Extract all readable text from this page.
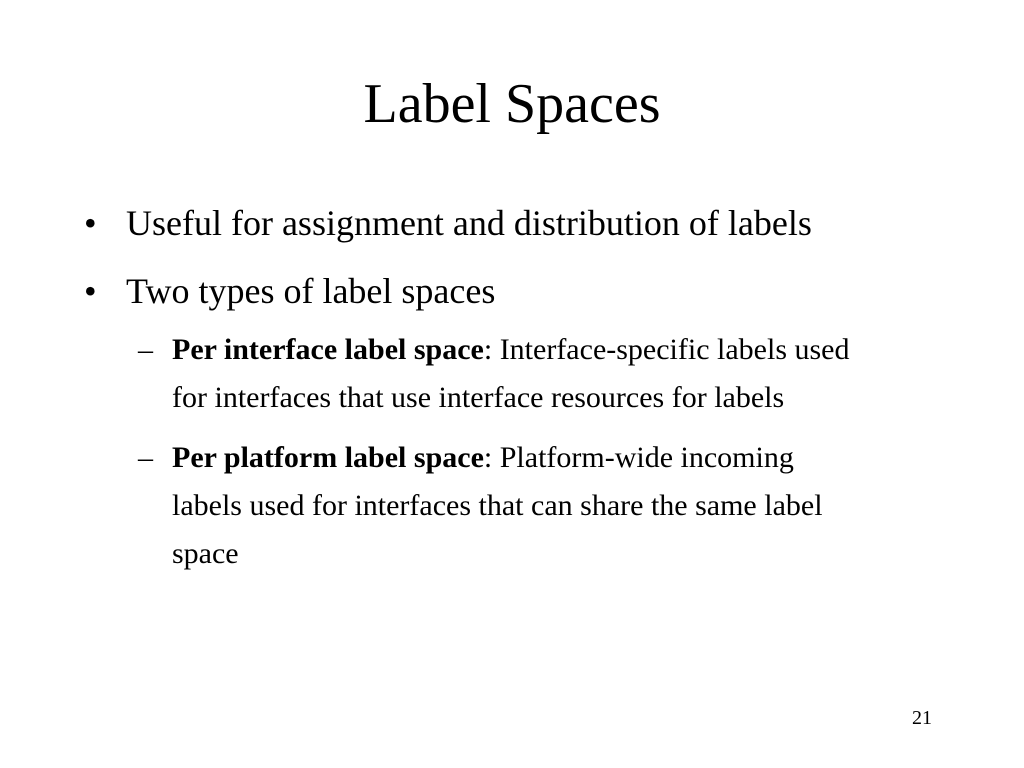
Label Spaces
• Useful for assignment and distribution of labels
• Two types of label spaces
– Per interface label space: Interface-specific labels used for interfaces that use interface resources for labels
– Per platform label space: Platform-wide incoming labels used for interfaces that can share the same label space
21
